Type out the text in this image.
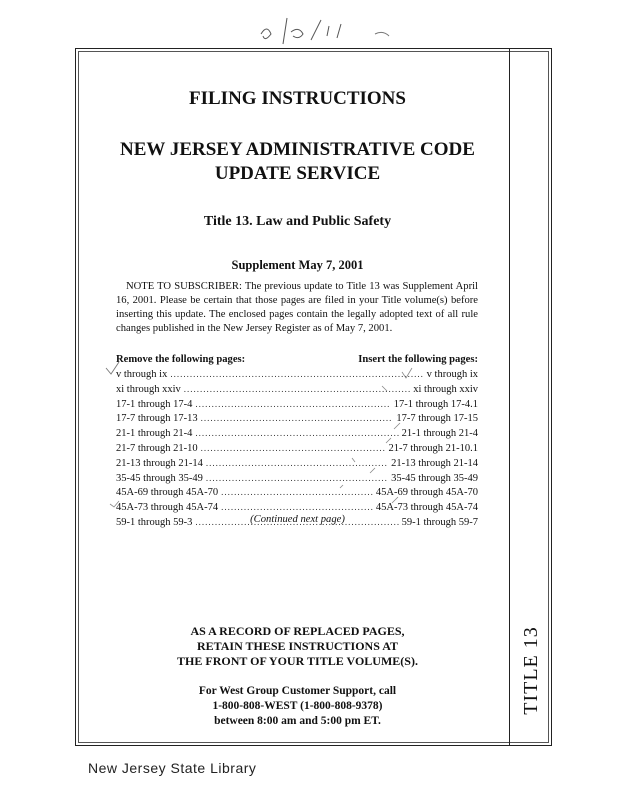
TITLE 13
FILING INSTRUCTIONS
NEW JERSEY ADMINISTRATIVE CODE
UPDATE SERVICE
Title 13. Law and Public Safety
Supplement May 7, 2001
NOTE TO SUBSCRIBER: The previous update to Title 13 was Supplement April 16, 2001. Please be certain that those pages are filed in your Title volume(s) before inserting this update. The enclosed pages contain the legally adopted text of all rule changes published in the New Jersey Register as of May 7, 2001.
Remove the following pages:	Insert the following pages:
v through ix .....	v through ix
xi through xxiv .....	xi through xxiv
17-1 through 17-4 .....	17-1 through 17-4.1
17-7 through 17-13 .....	17-7 through 17-15
21-1 through 21-4 .....	21-1 through 21-4
21-7 through 21-10 .....	21-7 through 21-10.1
21-13 through 21-14 .....	21-13 through 21-14
35-45 through 35-49 .....	35-45 through 35-49
45A-69 through 45A-70 .....	45A-69 through 45A-70
45A-73 through 45A-74 .....	45A-73 through 45A-74
59-1 through 59-3 .....	59-1 through 59-7
(Continued next page)
AS A RECORD OF REPLACED PAGES,
RETAIN THESE INSTRUCTIONS AT
THE FRONT OF YOUR TITLE VOLUME(S).
For West Group Customer Support, call
1-800-808-WEST (1-800-808-9378)
between 8:00 am and 5:00 pm ET.
New Jersey State Library
